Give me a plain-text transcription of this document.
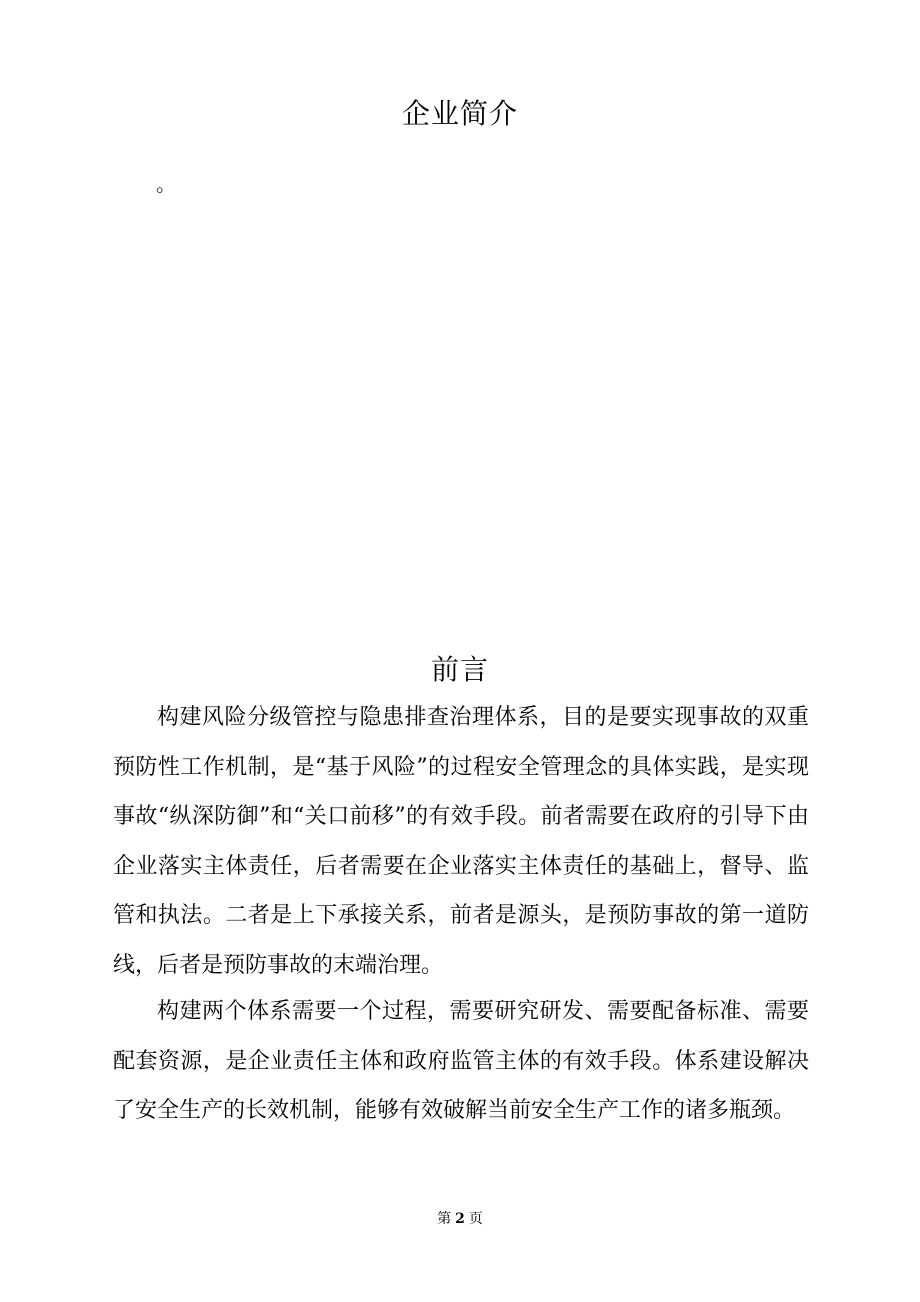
企业简介
。
前言

构建风险分级管控与隐患排查治理体系，目的是要实现事故的双重预防性工作机制，是“基于风险”的过程安全管理念的具体实践，是实现事故“纵深防御”和“关口前移”的有效手段。前者需要在政府的引导下由企业落实主体责任，后者需要在企业落实主体责任的基础上，督导、监管和执法。二者是上下承接关系，前者是源头，是预防事故的第一道防线，后者是预防事故的末端治理。

构建两个体系需要一个过程，需要研究研发、需要配备标准、需要配套资源，是企业责任主体和政府监管主体的有效手段。体系建设解决了安全生产的长效机制，能够有效破解当前安全生产工作的诸多瓶颈。

第 2 页
